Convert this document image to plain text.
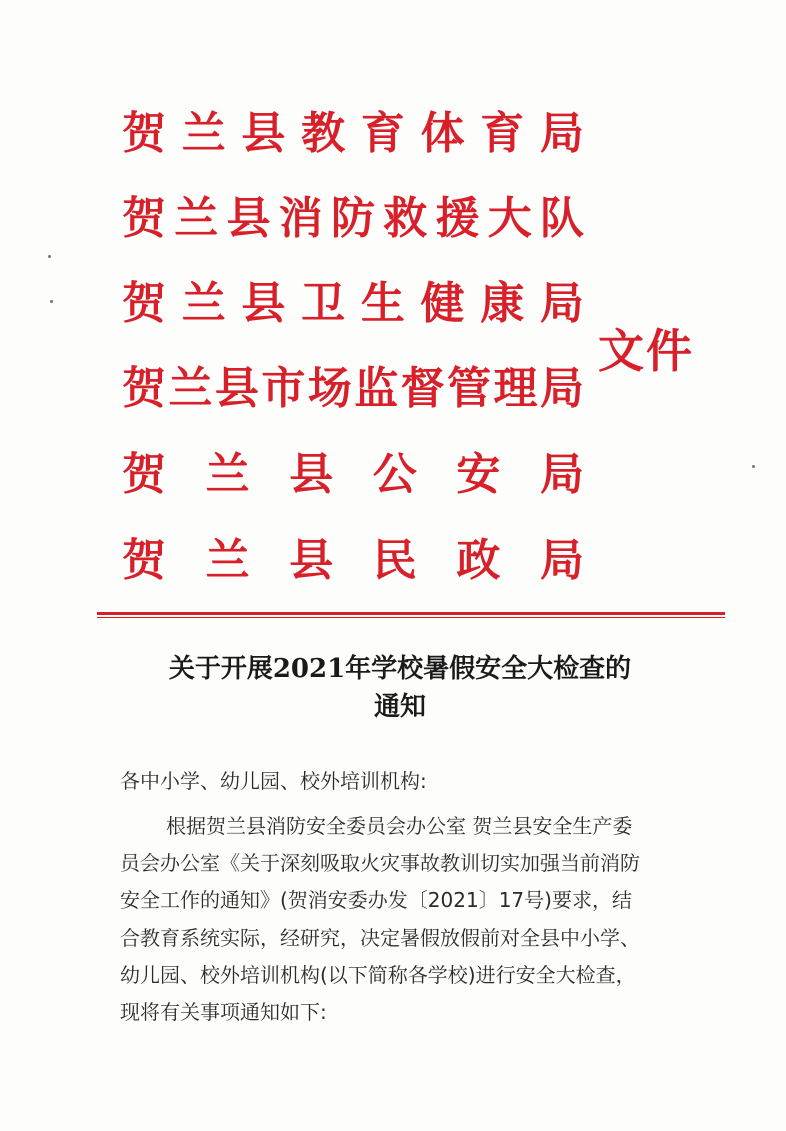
贺 兰 县 教 育 体 育 局
贺 兰 县 消 防 救 援 大 队
贺 兰 县 卫 生 健 康 局
贺 兰 县 市 场 监 督 管 理 局
贺 兰 县 公 安 局
贺 兰 县 民 政 局
文件
关于开展2021年学校暑假安全大检查的
通知
各中小学、幼儿园、校外培训机构:
根据贺兰县消防安全委员会办公室 贺兰县安全生产委
员会办公室《关于深刻吸取火灾事故教训切实加强当前消防
安全工作的通知》(贺消安委办发〔2021〕17号)要求，结
合教育系统实际，经研究，决定暑假放假前对全县中小学、
幼儿园、校外培训机构(以下简称各学校)进行安全大检查，
现将有关事项通知如下:
